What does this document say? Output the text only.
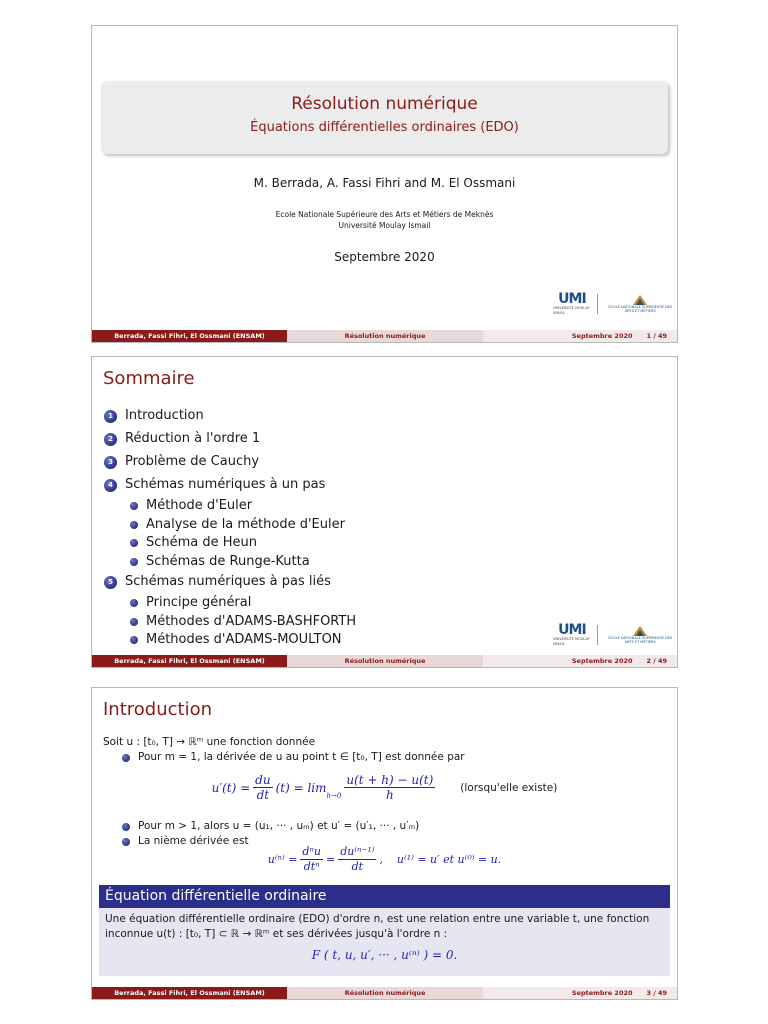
Résolution numérique
Équations différentielles ordinaires (EDO)
M. Berrada, A. Fassi Fihri and M. El Ossmani
Ecole Nationale Supérieure des Arts et Métiers de Meknès
Université Moulay Ismail
Septembre 2020
UMI
UNIVERSITÉ MOULAY ISMAÏL
ÉCOLE NATIONALE SUPÉRIEURE DES ARTS ET MÉTIERS
Berrada, Fassi Fihri, El Ossmani (ENSAM)	Résolution numérique	Septembre 2020 1 / 49
Sommaire
1 Introduction
2 Réduction à l'ordre 1
3 Problème de Cauchy
4 Schémas numériques à un pas
Méthode d'Euler
Analyse de la méthode d'Euler
Schéma de Heun
Schémas de Runge-Kutta
5 Schémas numériques à pas liés
Principe général
Méthodes d'ADAMS-BASHFORTH
Méthodes d'ADAMS-MOULTON
UMI
UNIVERSITÉ MOULAY ISMAÏL
ÉCOLE NATIONALE SUPÉRIEURE DES ARTS ET MÉTIERS
Berrada, Fassi Fihri, El Ossmani (ENSAM)	Résolution numérique	Septembre 2020 2 / 49
Introduction
Soit u : [t₀, T] → ℝᵐ une fonction donnée
Pour m = 1, la dérivée de u au point t ∈ [t₀, T] est donnée par
$u'(t) = \frac{du}{dt} (t) = \lim$
$h\to 0 \frac{u(t + h) - u(t)}{h}$ (lorsqu'elle existe)
Pour m > 1, alors u = (u₁, ··· , uₘ) et u′ = (u′₁, ··· , u′ₘ)
La nième dérivée est
$u^{(n)} = \frac{\text{dⁿu}}{\text{dtⁿ}} = \frac{\text{du⁽ⁿ⁻¹⁾}}{dt}$ ,    u⁽¹⁾ = u′ et u⁽⁰⁾ = u.
Équation différentielle ordinaire
Une équation différentielle ordinaire (EDO) d'ordre n, est une relation entre une variable t, une fonction inconnue u(t) : [t₀, T] ⊂ ℝ → ℝᵐ et ses dérivées jusqu'à l'ordre n :
F ( t, u, u′, ··· , u⁽ⁿ⁾ ) = 0.
Berrada, Fassi Fihri, El Ossmani (ENSAM)	Résolution numérique	Septembre 2020 3 / 49
